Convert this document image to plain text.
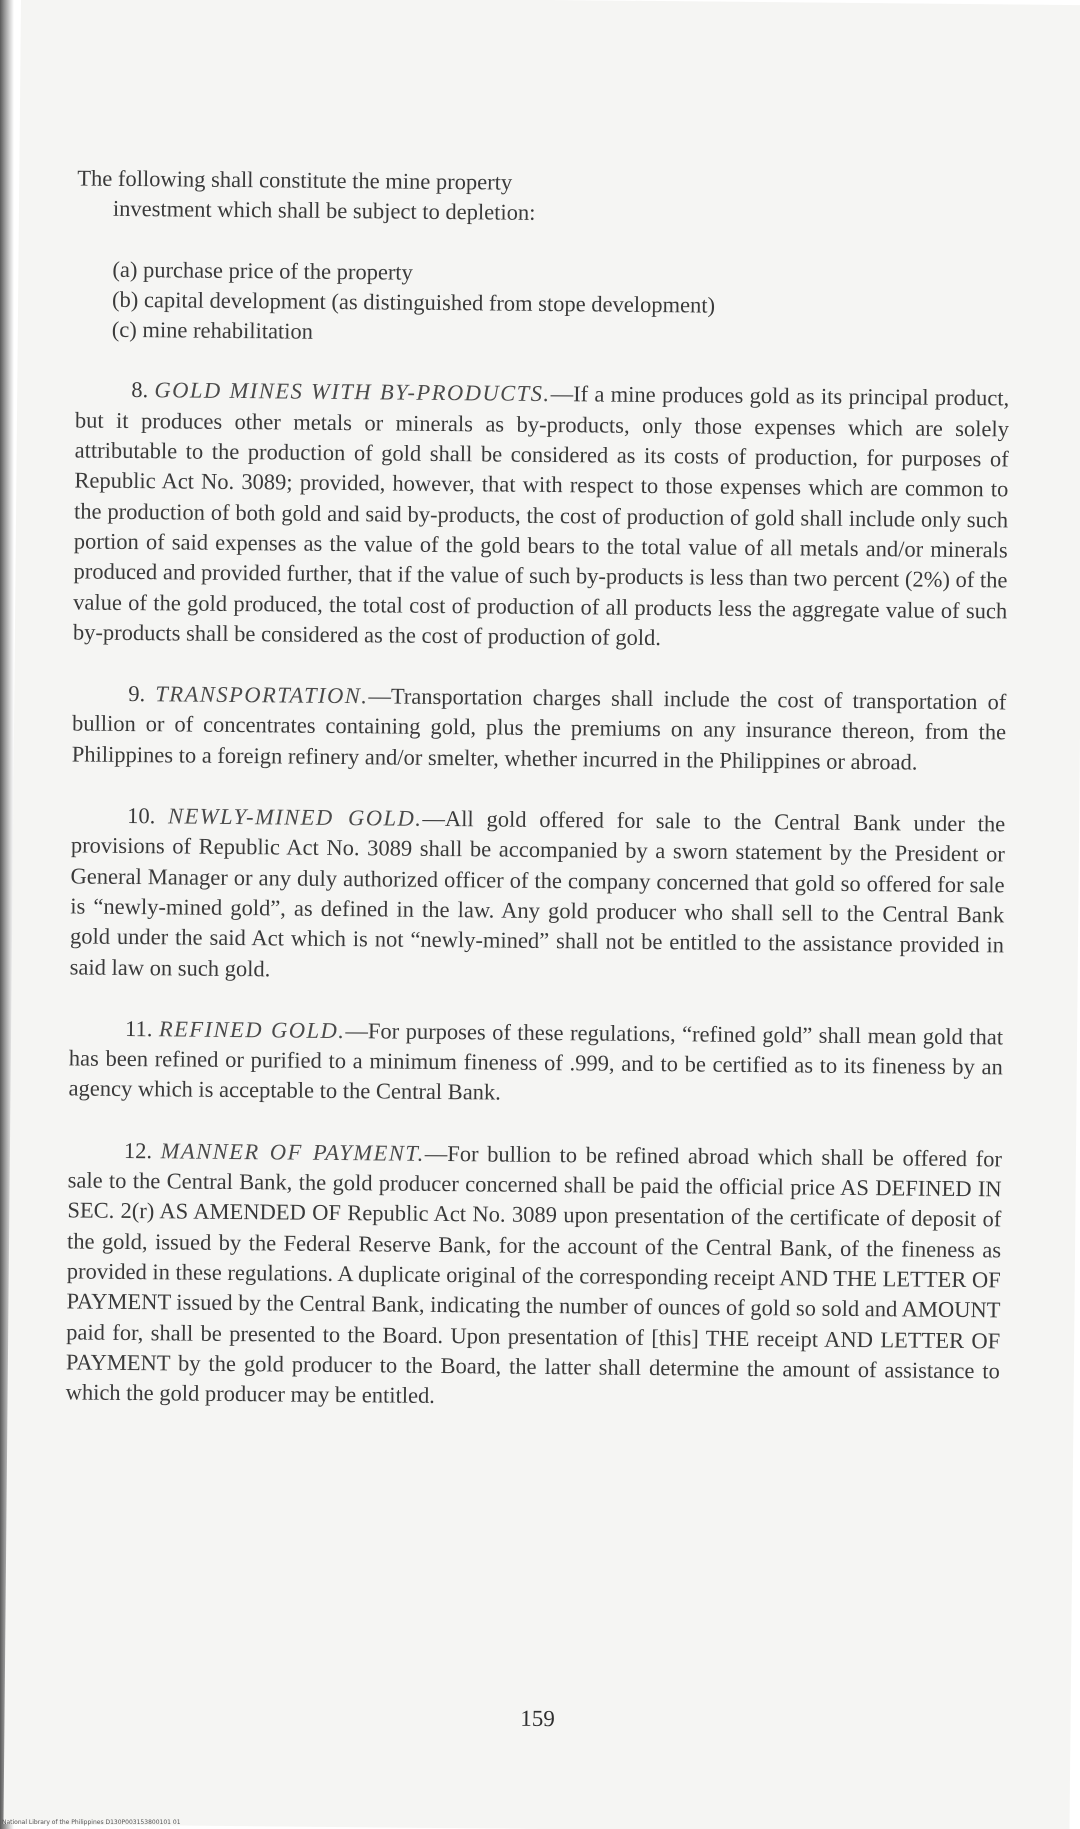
The following shall constitute the mine property
investment which shall be subject to depletion:

(a) purchase price of the property
(b) capital development (as distinguished from stope development)
(c) mine rehabilitation

8. GOLD MINES WITH BY-PRODUCTS.—If a mine produces gold as its principal product, but it produces other metals or minerals as by-products, only those expenses which are solely attributable to the production of gold shall be considered as its costs of production, for purposes of Republic Act No. 3089; provided, however, that with respect to those expenses which are common to the production of both gold and said by-products, the cost of production of gold shall include only such portion of said expenses as the value of the gold bears to the total value of all metals and/or minerals produced and provided further, that if the value of such by-products is less than two percent (2%) of the value of the gold produced, the total cost of production of all products less the aggregate value of such by-products shall be considered as the cost of production of gold.

9. TRANSPORTATION.—Transportation charges shall include the cost of transportation of bullion or of concentrates containing gold, plus the premiums on any insurance thereon, from the Philippines to a foreign refinery and/or smelter, whether incurred in the Philippines or abroad.

10. NEWLY-MINED GOLD.—All gold offered for sale to the Central Bank under the provisions of Republic Act No. 3089 shall be accompanied by a sworn statement by the President or General Manager or any duly authorized officer of the company concerned that gold so offered for sale is “newly-mined gold”, as defined in the law. Any gold producer who shall sell to the Central Bank gold under the said Act which is not “newly-mined” shall not be entitled to the assistance provided in said law on such gold.

11. REFINED GOLD.—For purposes of these regulations, “refined gold” shall mean gold that has been refined or purified to a minimum fineness of .999, and to be certified as to its fineness by an agency which is acceptable to the Central Bank.

12. MANNER OF PAYMENT.—For bullion to be refined abroad which shall be offered for sale to the Central Bank, the gold producer concerned shall be paid the official price AS DEFINED IN SEC. 2(r) AS AMENDED OF Republic Act No. 3089 upon presentation of the certificate of deposit of the gold, issued by the Federal Reserve Bank, for the account of the Central Bank, of the fineness as provided in these regulations. A duplicate original of the corresponding receipt AND THE LETTER OF PAYMENT issued by the Central Bank, indicating the number of ounces of gold so sold and AMOUNT paid for, shall be presented to the Board. Upon presentation of [this] THE receipt AND LETTER OF PAYMENT by the gold producer to the Board, the latter shall determine the amount of assistance to which the gold producer may be entitled.

159
National Library of the Philippines D130P003153800101 01
